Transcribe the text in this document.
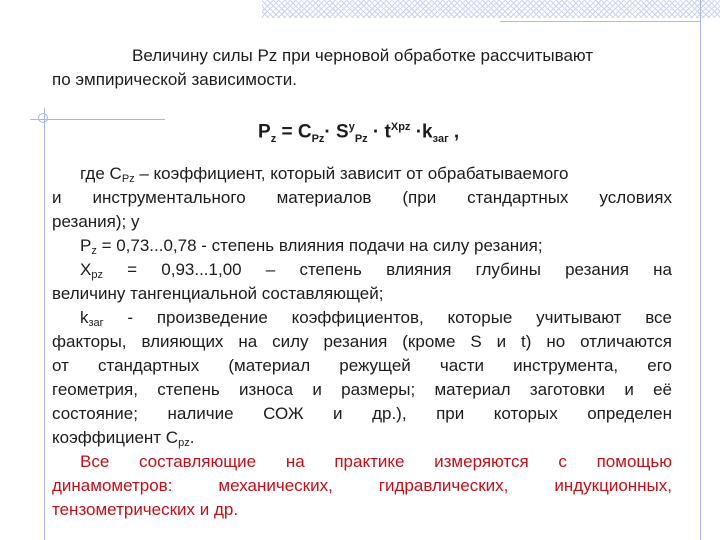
Величину силы Pz при черновой обработке рассчитывают
по эмпирической зависимости.
$P_z = C_{Pz}\cdot S^y_{Pz} \cdot t^{Xpz} \cdot k_{заг}$ ,
где $C_{Pz}$ – коэффициент, который зависит от обрабатываемого
и инструментального материалов (при стандартных условиях
резания); y
$P_z = 0,73...0,78$ - степень влияния подачи на силу резания;
$X_{pz} = 0,93...1,00$ – степень влияния глубины резания на
величину тангенциальной составляющей;
$k_{заг}$ - произведение коэффициентов, которые учитывают все
факторы, влияющих на силу резания (кроме S и t) но отличаются
от стандартных (материал режущей части инструмента, его
геометрия, степень износа и размеры; материал заготовки и её
состояние; наличие СОЖ и др.), при которых определен
коэффициент $C_{pz}$.
Все составляющие на практике измеряются с помощью
динамометров: механических, гидравлических, индукционных,
тензометрических и др.
